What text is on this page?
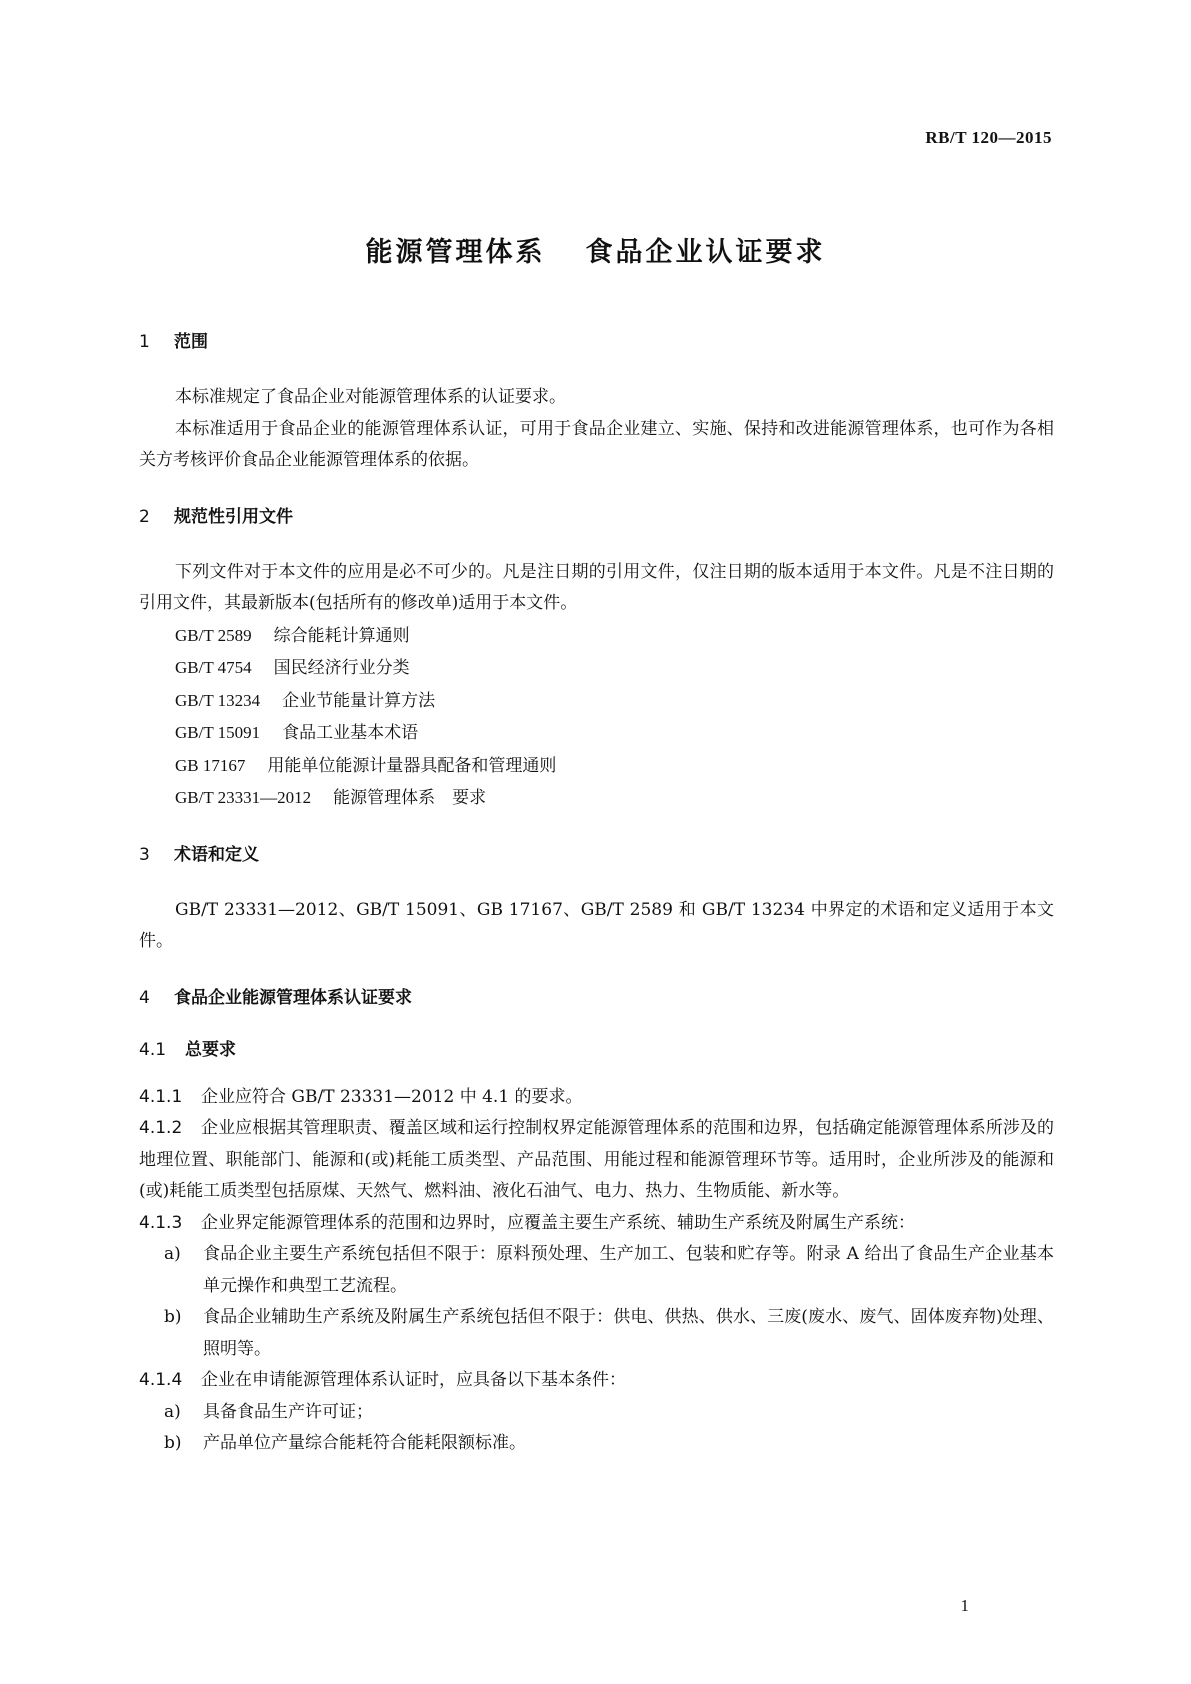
RB/T 120—2015
能源管理体系 食品企业认证要求
1 范围
本标准规定了食品企业对能源管理体系的认证要求。
本标准适用于食品企业的能源管理体系认证，可用于食品企业建立、实施、保持和改进能源管理体系，也可作为各相关方考核评价食品企业能源管理体系的依据。
2 规范性引用文件
下列文件对于本文件的应用是必不可少的。凡是注日期的引用文件，仅注日期的版本适用于本文件。凡是不注日期的引用文件，其最新版本(包括所有的修改单)适用于本文件。
GB/T 2589 综合能耗计算通则
GB/T 4754 国民经济行业分类
GB/T 13234 企业节能量计算方法
GB/T 15091 食品工业基本术语
GB 17167 用能单位能源计量器具配备和管理通则
GB/T 23331—2012 能源管理体系　要求
3 术语和定义
GB/T 23331—2012、GB/T 15091、GB 17167、GB/T 2589 和 GB/T 13234 中界定的术语和定义适用于本文件。
4 食品企业能源管理体系认证要求
4.1 总要求
4.1.1 企业应符合 GB/T 23331—2012 中 4.1 的要求。
4.1.2 企业应根据其管理职责、覆盖区域和运行控制权界定能源管理体系的范围和边界，包括确定能源管理体系所涉及的地理位置、职能部门、能源和(或)耗能工质类型、产品范围、用能过程和能源管理环节等。适用时，企业所涉及的能源和(或)耗能工质类型包括原煤、天然气、燃料油、液化石油气、电力、热力、生物质能、新水等。
4.1.3 企业界定能源管理体系的范围和边界时，应覆盖主要生产系统、辅助生产系统及附属生产系统：
a) 食品企业主要生产系统包括但不限于：原料预处理、生产加工、包装和贮存等。附录 A 给出了食品生产企业基本单元操作和典型工艺流程。
b) 食品企业辅助生产系统及附属生产系统包括但不限于：供电、供热、供水、三废(废水、废气、固体废弃物)处理、照明等。
4.1.4 企业在申请能源管理体系认证时，应具备以下基本条件：
a) 具备食品生产许可证；
b) 产品单位产量综合能耗符合能耗限额标准。
1
